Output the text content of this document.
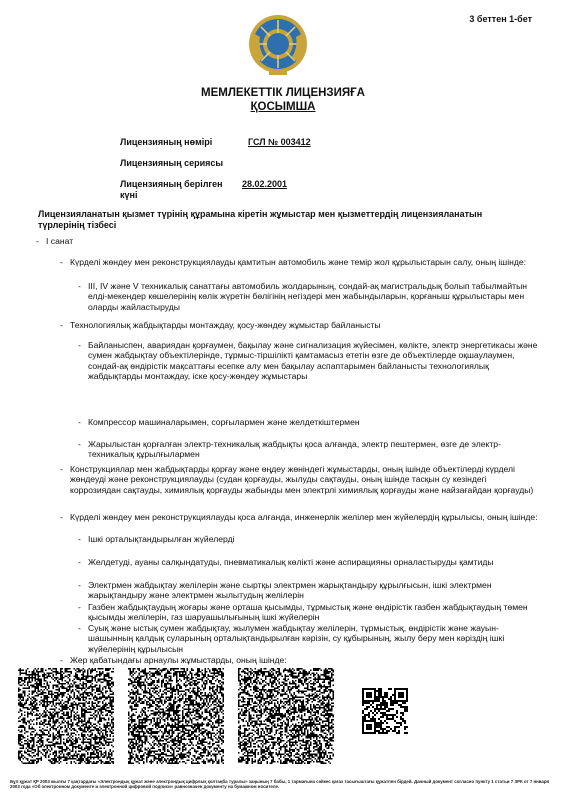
3 беттен 1-бет
МЕМЛЕКЕТТІК ЛИЦЕНЗИЯҒА
ҚОСЫМША
Лицензияның нөмірі	ГСЛ № 003412
Лицензияның сериясы
Лицензияның берілген күні28.02.2001
Лицензияланатын қызмет түрінің құрамына кіретін жұмыстар мен қызметтердің лицензияланатын түрлерінің тізбесі
- I санат
- Күрделі жөндеу мен реконструкциялауды қамтитын автомобиль және темір жол құрылыстарын салу, оның ішінде:
- III, IV және V техникалық санаттағы автомобиль жолдарының, сондай-ақ магистральдық болып табылмайтын елді-мекендер көшелерінің көлік жүретін бөлігінің негіздері мен жабындыларын, қорғаныш құрылыстары мен оларды жайластыруды
- Технологиялық жабдықтарды монтаждау, қосу-жөндеу жұмыстар байланысты
- Байланыспен, авариядан қорғаумен, бақылау және сигнализация жүйесімен, көлікте, электр энергетикасы және сумен жабдықтау объектілерінде, тұрмыс-тіршілікті қамтамасыз ететін өзге де объектілерде оқшаулаумен, сондай-ақ өндірістік мақсаттағы есепке алу мен бақылау аспаптарымен байланысты технологиялық жабдықтарды монтаждау, іске қосу-жөндеу жұмыстары
- Компрессор машиналарымен, сорғылармен және желдеткіштермен
- Жарылыстан қорғалған электр-техникалық жабдықты қоса алғанда, электр пештермен, өзге де электр-техникалық құрылғылармен
- Конструкциялар мен жабдықтарды қорғау және өңдеу жөніндегі жұмыстарды, оның ішінде объектілерді күрделі жөндеуді және реконструкциялауды (судан қорғауды, жылуды сақтауды, оның ішінде тасқын су кезіндегі коррозиядан сақтауды, химиялық қорғауды жабынды мен электрлі химиялық қорғауды және найзағайдан қорғауды)
- Күрделі жөндеу мен реконструкциялауды қоса алғанда, инженерлік желілер мен жүйелердің құрылысы, оның ішінде:
- Ішкі орталықтандырылған жүйелерді
- Желдетуді, ауаны салқындатуды, пневматикалық көлікті және аспирацияны орналастыруды қамтиды
- Электрмен жабдықтау желілерін және сыртқы электрмен жарықтандыру құрылғысын, ішкі электрмен жарықтандыру және электрмен жылытудың желілерін
- Газбен жабдықтаудың жоғары және орташа қысымды, тұрмыстық және өндірістік газбен жабдықтаудың төмен қысымды желілерін, газ шаруашылығының ішкі жүйелерін
- Суық және ыстық сумен жабдықтау, жылумен жабдықтау желілерін, тұрмыстық, өндірістік және жауын-шашынның қалдық суларының орталықтандырылған кәрізін, су құбырының, жылу беру мен кәріздің ішкі жүйелерінің құрылысын
- Жер қабатындағы арнаулы жұмыстарды, оның ішінде:
Бұл құжат ҚР 2003 жылғы 7 қаңтардағы «Электрондық құжат және электрондық цифрлық қолтаңба туралы» заңының 7 бабы, 1 тармағына сәйкес қағаз тасығыштағы құжатпен бірдей. Данный документ согласно пункту 1 статьи 7 ЗРК от 7 января 2003 года «Об электронном документе и электронной цифровой подписи» равнозначен документу на бумажном носителе.
